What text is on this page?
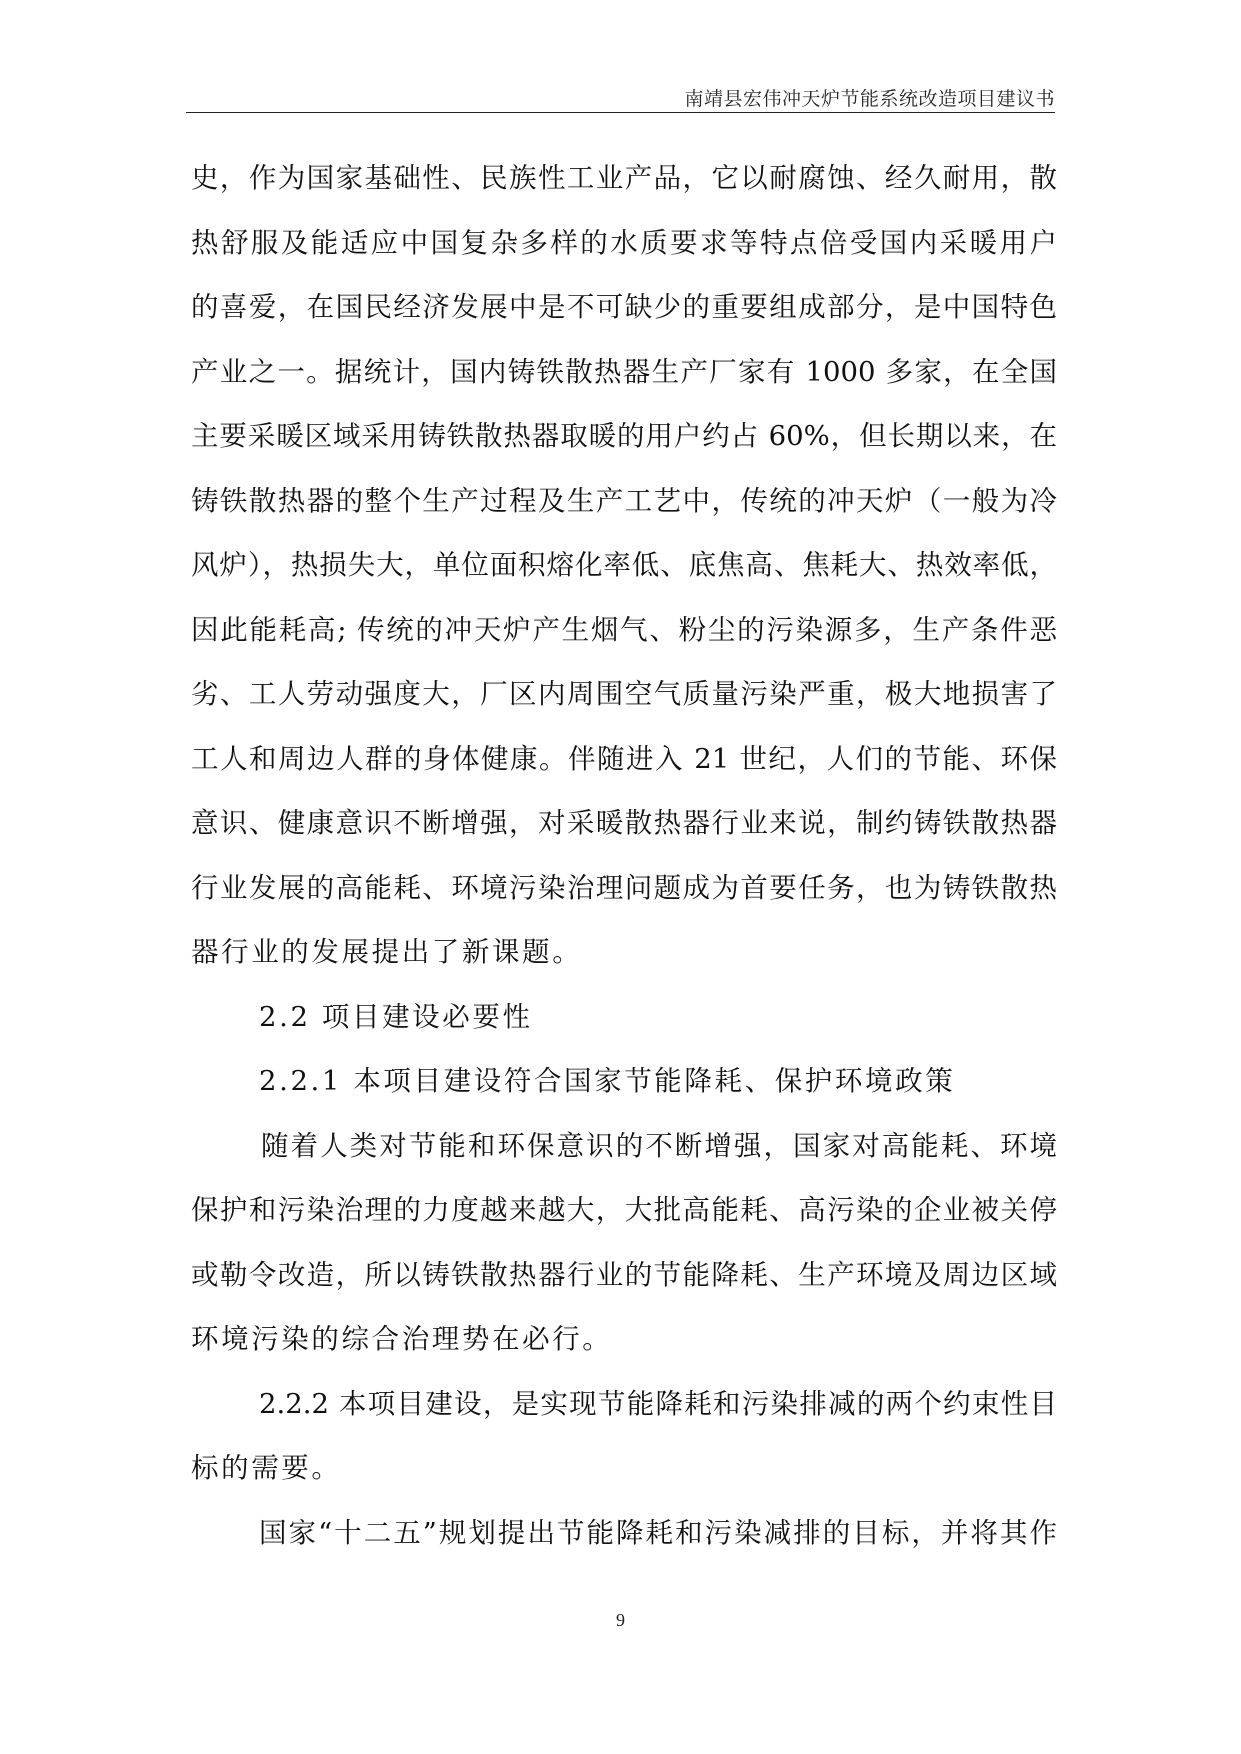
南靖县宏伟冲天炉节能系统改造项目建议书
史，作为国家基础性、民族性工业产品，它以耐腐蚀、经久耐用，散
热舒服及能适应中国复杂多样的水质要求等特点倍受国内采暖用户
的喜爱，在国民经济发展中是不可缺少的重要组成部分，是中国特色
产业之一。据统计，国内铸铁散热器生产厂家有 1000 多家，在全国
主要采暖区域采用铸铁散热器取暖的用户约占 60%，但长期以来，在
铸铁散热器的整个生产过程及生产工艺中，传统的冲天炉（一般为冷
风炉），热损失大，单位面积熔化率低、底焦高、焦耗大、热效率低，
因此能耗高; 传统的冲天炉产生烟气、粉尘的污染源多，生产条件恶
劣、工人劳动强度大，厂区内周围空气质量污染严重，极大地损害了
工人和周边人群的身体健康。伴随进入 21 世纪，人们的节能、环保
意识、健康意识不断增强，对采暖散热器行业来说，制约铸铁散热器
行业发展的高能耗、环境污染治理问题成为首要任务，也为铸铁散热
器行业的发展提出了新课题。
2.2 项目建设必要性
2.2.1 本项目建设符合国家节能降耗、保护环境政策
随着人类对节能和环保意识的不断增强，国家对高能耗、环境
保护和污染治理的力度越来越大，大批高能耗、高污染的企业被关停
或勒令改造，所以铸铁散热器行业的节能降耗、生产环境及周边区域
环境污染的综合治理势在必行。
2.2.2 本项目建设，是实现节能降耗和污染排减的两个约束性目
标的需要。
国家“十二五”规划提出节能降耗和污染减排的目标，并将其作
9
